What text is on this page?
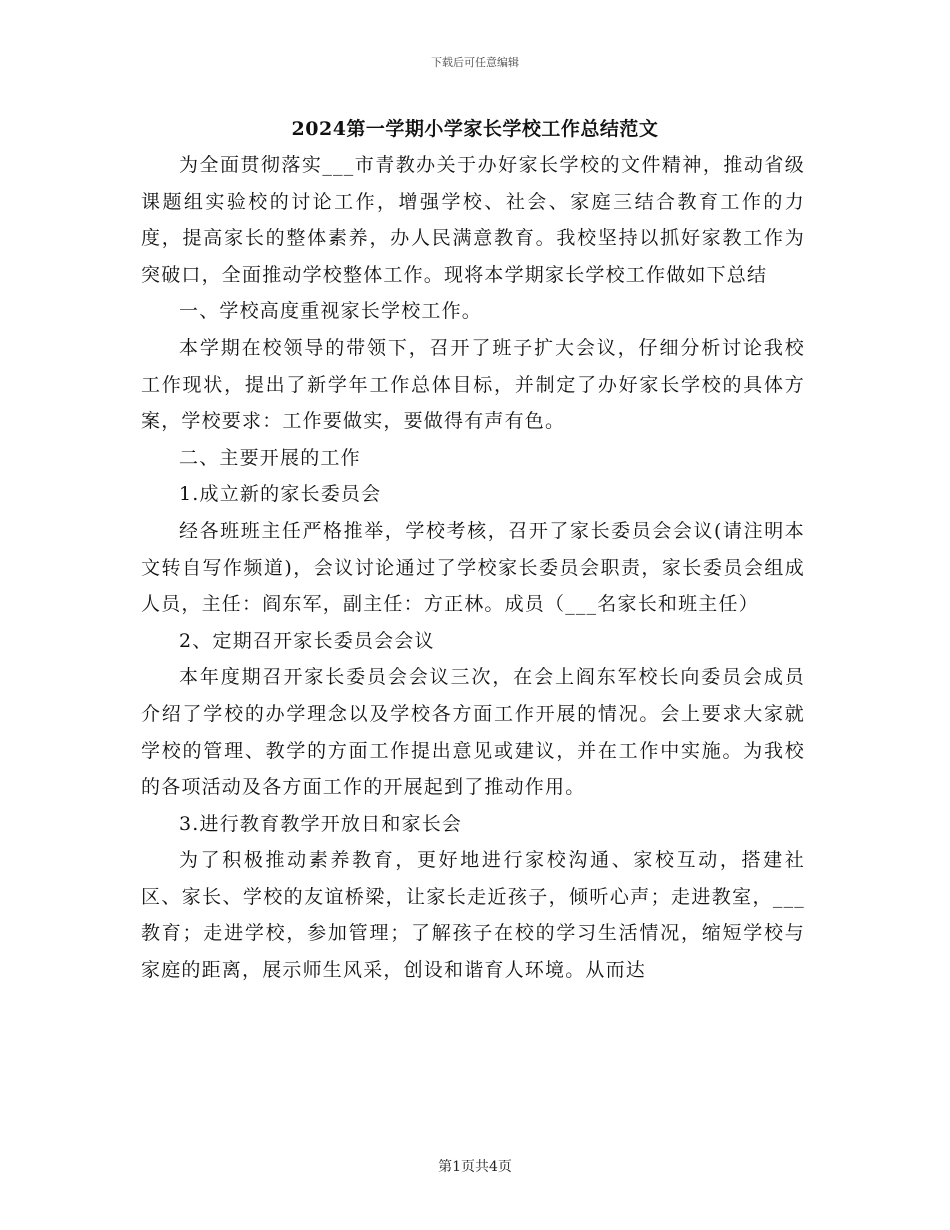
下载后可任意编辑
2024第一学期小学家长学校工作总结范文

为全面贯彻落实___市青教办关于办好家长学校的文件精神，推动省级课题组实验校的讨论工作，增强学校、社会、家庭三结合教育工作的力度，提高家长的整体素养，办人民满意教育。我校坚持以抓好家教工作为突破口，全面推动学校整体工作。现将本学期家长学校工作做如下总结

一、学校高度重视家长学校工作。

本学期在校领导的带领下，召开了班子扩大会议，仔细分析讨论我校工作现状，提出了新学年工作总体目标，并制定了办好家长学校的具体方案，学校要求：工作要做实，要做得有声有色。

二、主要开展的工作

1.成立新的家长委员会

经各班班主任严格推举，学校考核，召开了家长委员会会议(请注明本文转自写作频道)，会议讨论通过了学校家长委员会职责，家长委员会组成人员，主任：阎东军，副主任：方正林。成员（___名家长和班主任）

2、定期召开家长委员会会议

本年度期召开家长委员会会议三次，在会上阎东军校长向委员会成员介绍了学校的办学理念以及学校各方面工作开展的情况。会上要求大家就学校的管理、教学的方面工作提出意见或建议，并在工作中实施。为我校的各项活动及各方面工作的开展起到了推动作用。

3.进行教育教学开放日和家长会

为了积极推动素养教育，更好地进行家校沟通、家校互动，搭建社区、家长、学校的友谊桥梁，让家长走近孩子，倾听心声；走进教室，___教育；走进学校，参加管理；了解孩子在校的学习生活情况，缩短学校与家庭的距离，展示师生风采，创设和谐育人环境。从而达

第1页共4页
